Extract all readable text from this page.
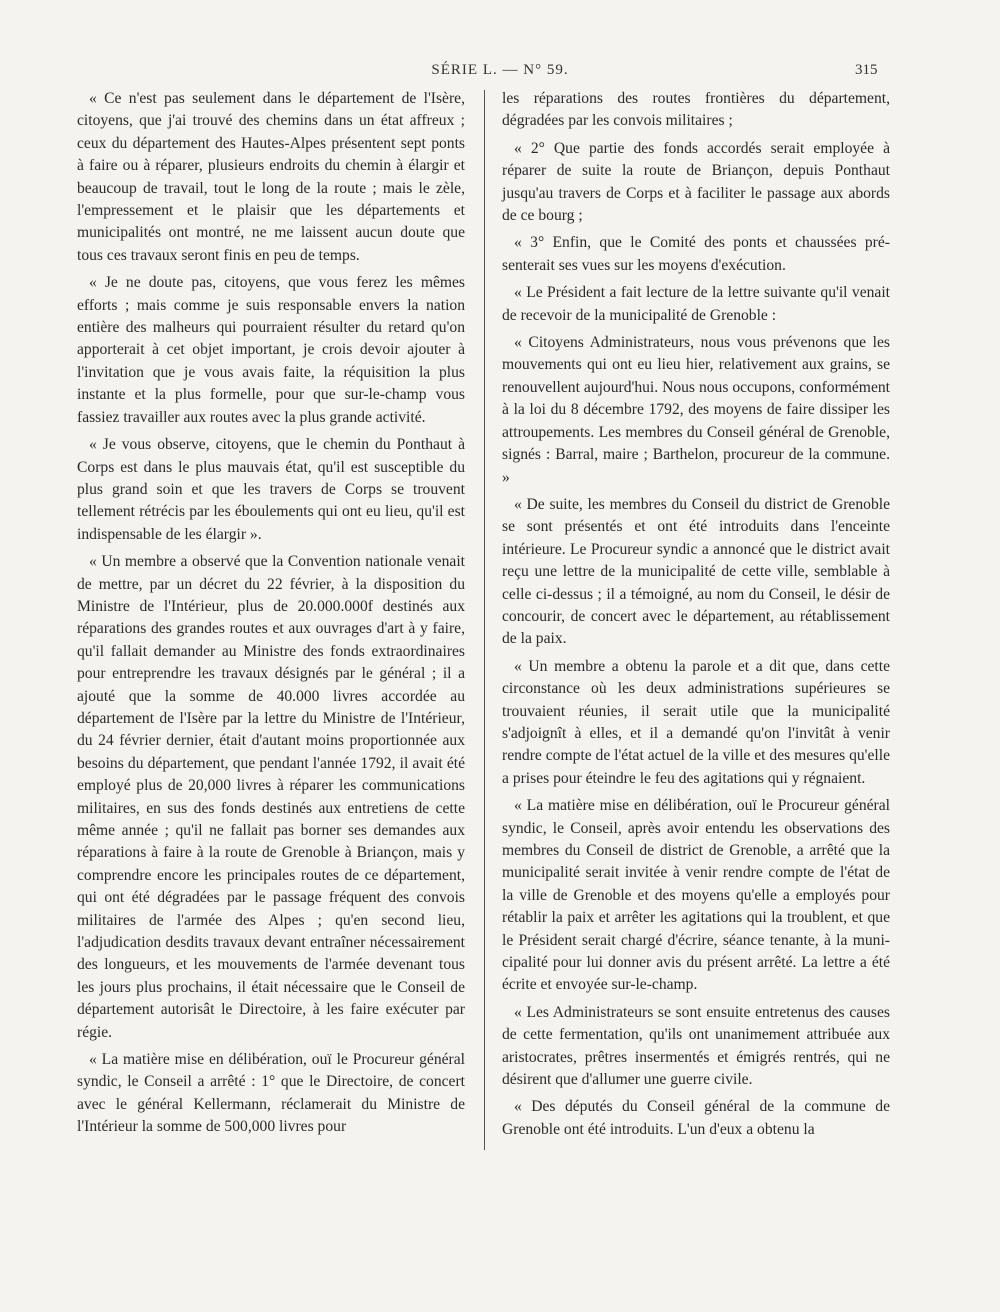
SÉRIE L. — N° 59.	315

« Ce n'est pas seulement dans le département de l'Isère, citoyens, que j'ai trouvé des chemins dans un état affreux ; ceux du département des Hautes-Alpes présentent sept ponts à faire ou à réparer, plusieurs endroits du chemin à élargir et beaucoup de travail, tout le long de la route ; mais le zèle, l'empressement et le plaisir que les départements et municipalités ont montré, ne me laissent aucun doute que tous ces travaux seront finis en peu de temps.

« Je ne doute pas, citoyens, que vous ferez les mêmes efforts ; mais comme je suis responsable envers la nation entière des malheurs qui pourraient résulter du retard qu'on apporterait à cet objet important, je crois devoir ajouter à l'invitation que je vous avais faite, la réquisition la plus instante et la plus formelle, pour que sur-le-champ vous fassiez travailler aux routes avec la plus grande activité.

« Je vous observe, citoyens, que le chemin du Ponthaut à Corps est dans le plus mauvais état, qu'il est susceptible du plus grand soin et que les travers de Corps se trouvent tellement rétrécis par les éboulements qui ont eu lieu, qu'il est indispensable de les élargir ».

« Un membre a observé que la Convention nationale venait de mettre, par un décret du 22 février, à la disposition du Ministre de l'Intérieur, plus de 20.000.000f destinés aux réparations des grandes routes et aux ouvrages d'art à y faire, qu'il fallait demander au Ministre des fonds extraordinaires pour entreprendre les travaux désignés par le général ; il a ajouté que la somme de 40.000 livres accordée au département de l'Isère par la lettre du Ministre de l'Intérieur, du 24 février dernier, était d'autant moins proportionnée aux besoins du département, que pendant l'année 1792, il avait été employé plus de 20,000 livres à réparer les communications militaires, en sus des fonds destinés aux entretiens de cette même année ; qu'il ne fallait pas borner ses demandes aux réparations à faire à la route de Grenoble à Briançon, mais y comprendre encore les principales routes de ce département, qui ont été dégradées par le passage fréquent des convois militaires de l'armée des Alpes ; qu'en second lieu, l'adjudication desdits travaux devant entraîner nécessairement des longueurs, et les mouvements de l'armée devenant tous les jours plus prochains, il était nécessaire que le Conseil de département autorisât le Directoire, à les faire exécuter par régie.

« La matière mise en délibération, ouï le Procureur général syndic, le Conseil a arrêté : 1° que le Directoire, de concert avec le général Kellermann, réclamerait du Ministre de l'Intérieur la somme de 500,000 livres pour

les réparations des routes frontières du département, dégradées par les convois militaires ;

« 2° Que partie des fonds accordés serait employée à réparer de suite la route de Briançon, depuis Ponthaut jusqu'au travers de Corps et à faciliter le passage aux abords de ce bourg ;

« 3° Enfin, que le Comité des ponts et chaussées présenterait ses vues sur les moyens d'exécution.

« Le Président a fait lecture de la lettre suivante qu'il venait de recevoir de la municipalité de Grenoble :

« Citoyens Administrateurs, nous vous prévenons que les mouvements qui ont eu lieu hier, relativement aux grains, se renouvellent aujourd'hui. Nous nous occupons, conformément à la loi du 8 décembre 1792, des moyens de faire dissiper les attroupements. Les membres du Conseil général de Grenoble, signés : Barral, maire ; Barthelon, procureur de la commune. »

« De suite, les membres du Conseil du district de Grenoble se sont présentés et ont été introduits dans l'enceinte intérieure. Le Procureur syndic a annoncé que le district avait reçu une lettre de la municipalité de cette ville, semblable à celle ci-dessus ; il a témoigné, au nom du Conseil, le désir de concourir, de concert avec le département, au rétablissement de la paix.

« Un membre a obtenu la parole et a dit que, dans cette circonstance où les deux administrations supérieures se trouvaient réunies, il serait utile que la municipalité s'adjoignît à elles, et il a demandé qu'on l'invitât à venir rendre compte de l'état actuel de la ville et des mesures qu'elle a prises pour éteindre le feu des agitations qui y régnaient.

« La matière mise en délibération, ouï le Procureur général syndic, le Conseil, après avoir entendu les observations des membres du Conseil de district de Grenoble, a arrêté que la municipalité serait invitée à venir rendre compte de l'état de la ville de Grenoble et des moyens qu'elle a employés pour rétablir la paix et arrêter les agitations qui la troublent, et que le Président serait chargé d'écrire, séance tenante, à la municipalité pour lui donner avis du présent arrêté. La lettre a été écrite et envoyée sur-le-champ.

« Les Administrateurs se sont ensuite entretenus des causes de cette fermentation, qu'ils ont unanimement attribuée aux aristocrates, prêtres insermentés et émigrés rentrés, qui ne désirent que d'allumer une guerre civile.

« Des députés du Conseil général de la commune de Grenoble ont été introduits. L'un d'eux a obtenu la
